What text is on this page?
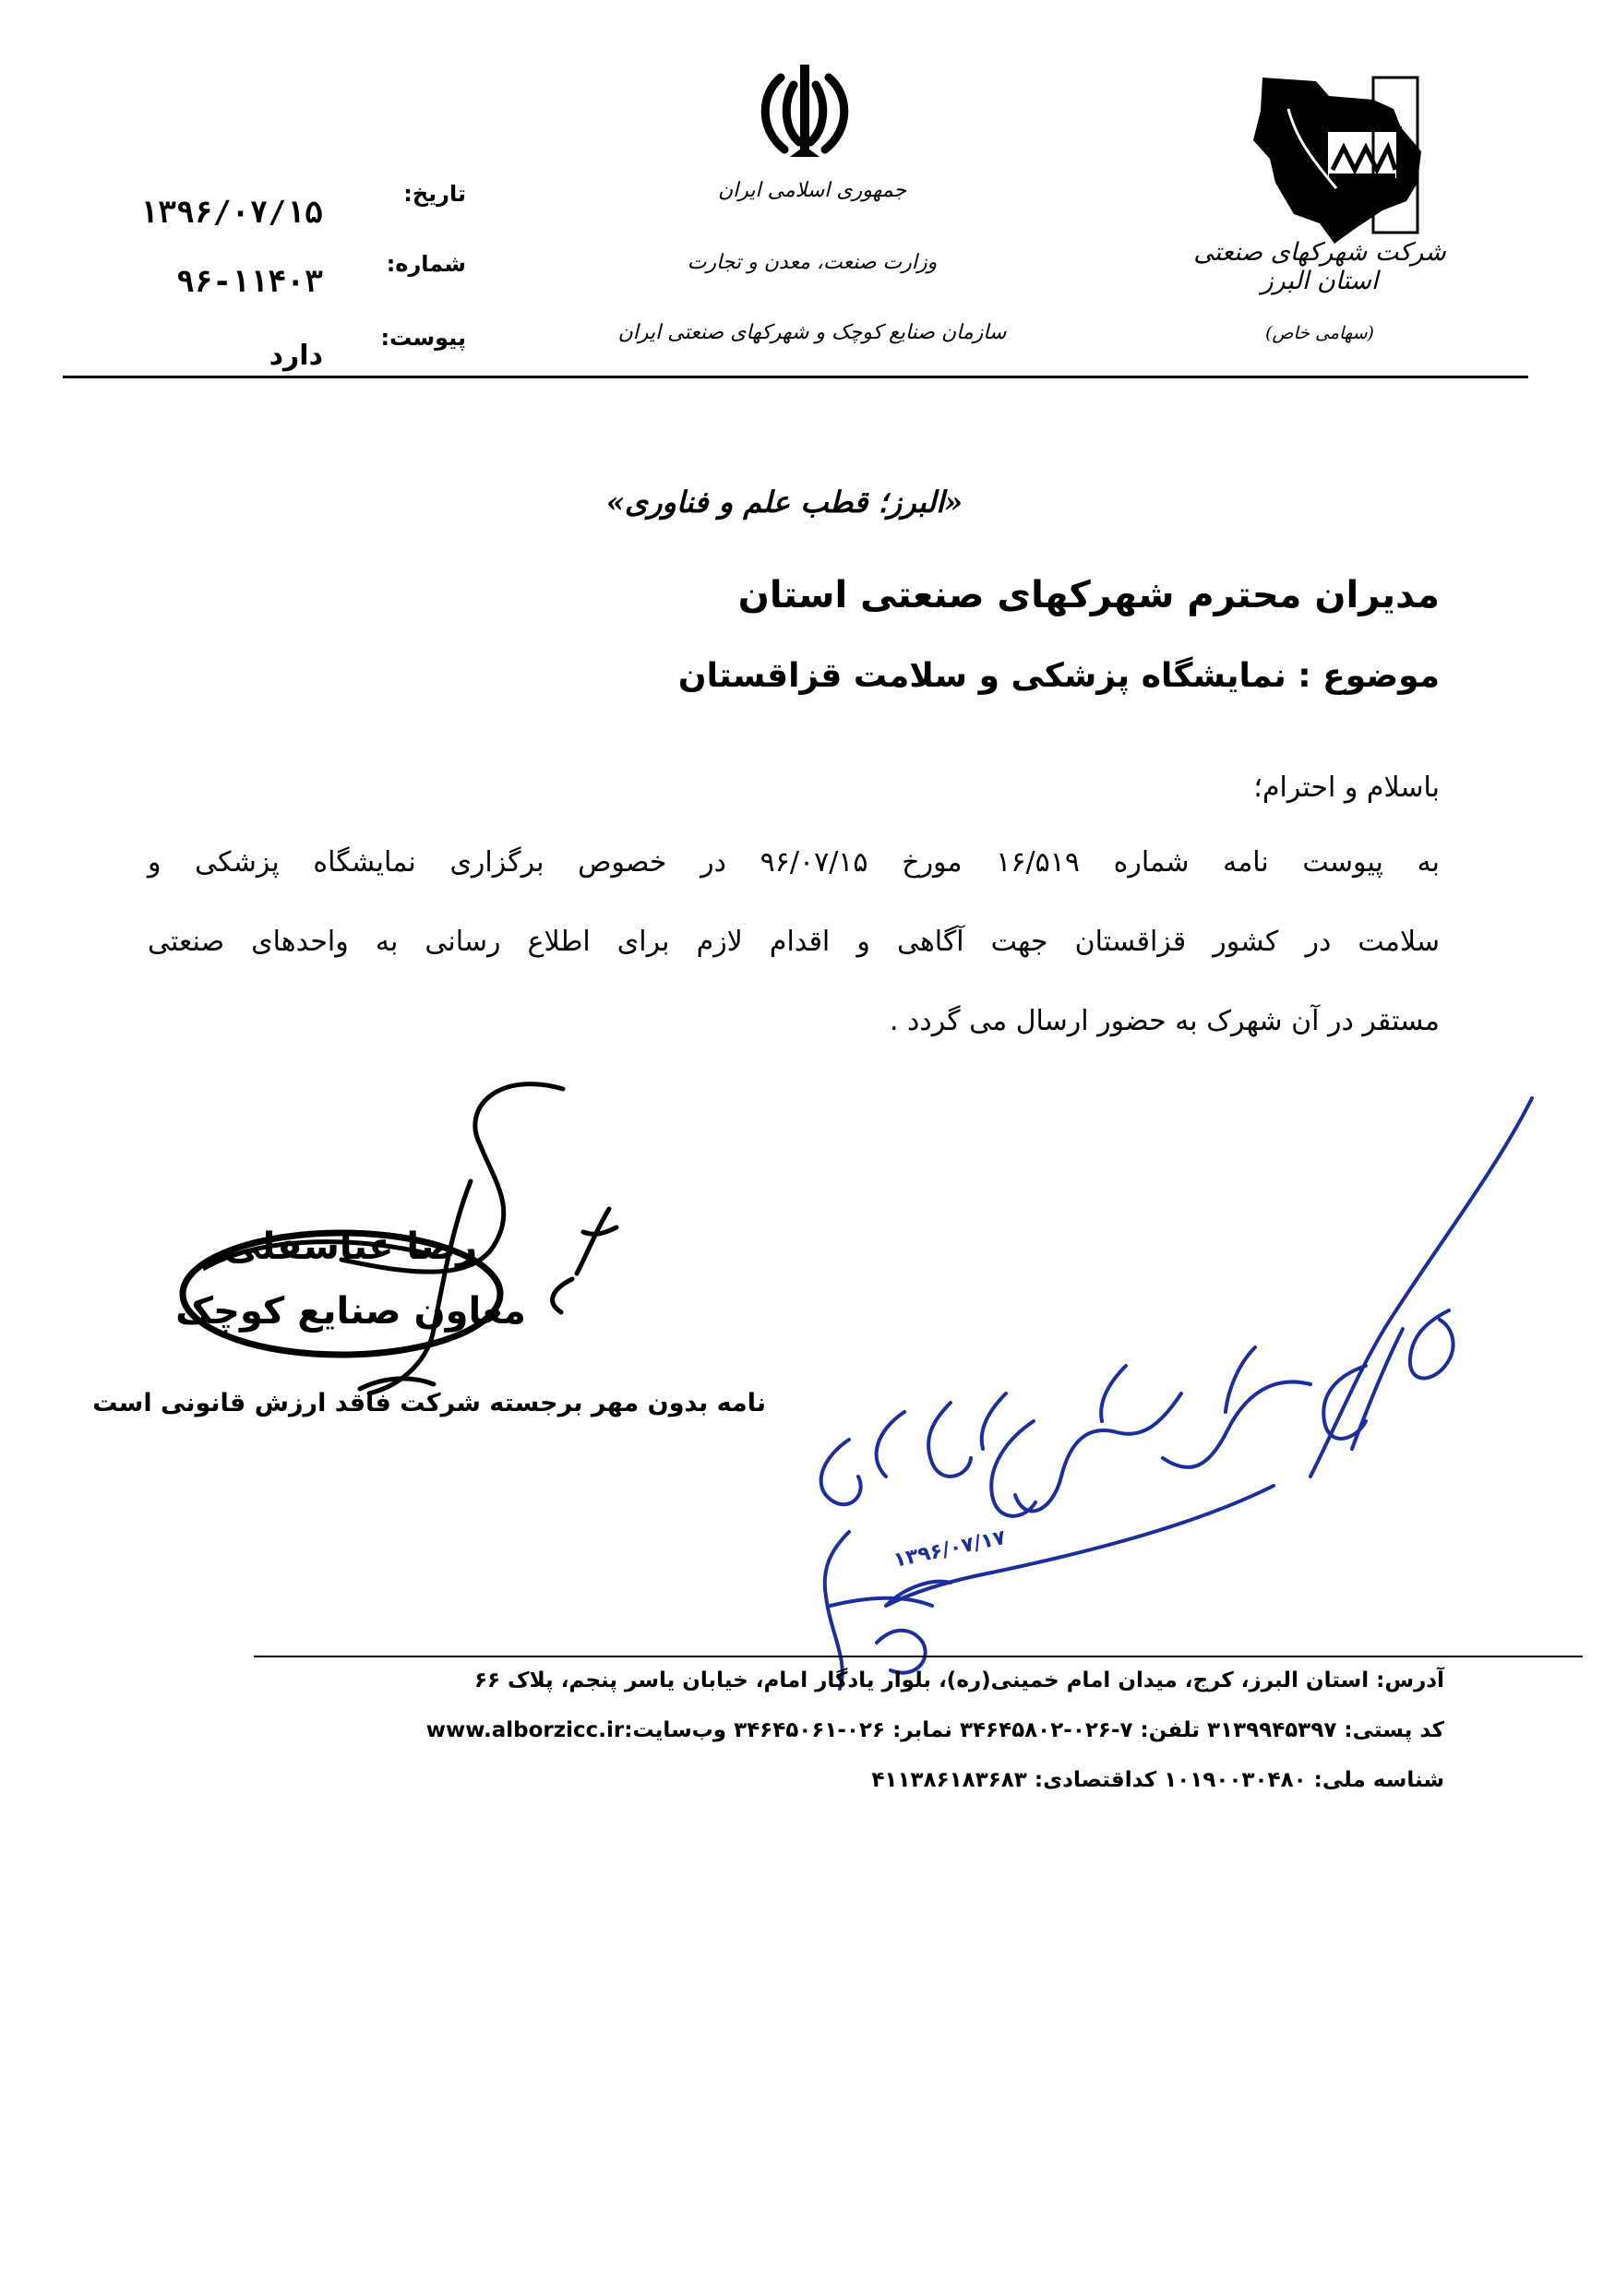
جمهوری اسلامی ایران
وزارت صنعت، معدن و تجارت
سازمان صنایع کوچک و شهرکهای صنعتی ایران
شرکت شهرکهای صنعتی استان البرز
(سهامی خاص)
تاریخ:
شماره:
پیوست:
۱۳۹۶/۰۷/۱۵
۹۶-۱۱۴۰۳
دارد
«البرز؛ قطب علم و فناوری»
مدیران محترم شهرکهای صنعتی استان
موضوع : نمایشگاه پزشکی و سلامت قزاقستان
باسلام و احترام؛
به پیوست نامه شماره ۱۶/۵۱۹ مورخ ۹۶/۰۷/۱۵ در خصوص برگزاری نمایشگاه پزشکی و
سلامت در کشور قزاقستان جهت آگاهی و اقدام لازم برای اطلاع رسانی به واحدهای صنعتی
مستقر در آن شهرک به حضور ارسال می گردد .
رضا عباسقلی
معاون صنایع کوچک
نامه بدون مهر برجسته شرکت فاقد ارزش قانونی است
۱۳۹۶/۰۷/۱۷
آدرس: استان البرز، کرج، میدان امام خمینی(ره)، بلوار یادگار امام، خیابان یاسر پنجم، پلاک ۶۶
کد پستی: ۳۱۳۹۹۴۵۳۹۷ تلفن: ۷-۰۲۶-۳۴۶۴۵۸۰۲ نمابر: ۰۲۶-۳۴۶۴۵۰۶۱ وب‌سایت:www.alborzicc.ir
شناسه ملی: ۱۰۱۹۰۰۳۰۴۸۰ کداقتصادی: ۴۱۱۳۸۶۱۸۳۶۸۳
